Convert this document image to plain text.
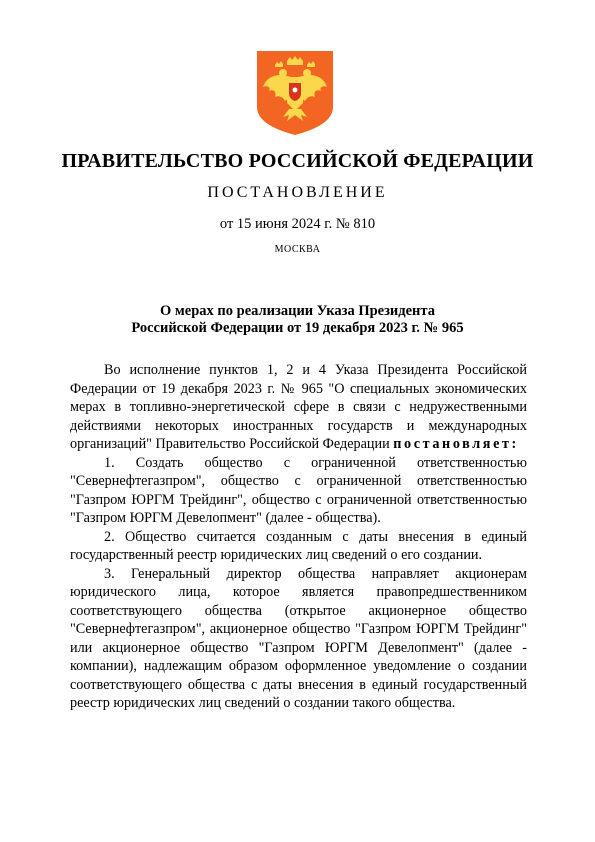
ПРАВИТЕЛЬСТВО РОССИЙСКОЙ ФЕДЕРАЦИИ
ПОСТАНОВЛЕНИЕ
от 15 июня 2024 г. № 810
МОСКВА
О мерах по реализации Указа Президента
Российской Федерации от 19 декабря 2023 г. № 965

Во исполнение пунктов 1, 2 и 4 Указа Президента Российской Федерации от 19 декабря 2023 г. № 965 "О специальных экономических мерах в топливно-энергетической сфере в связи с недружественными действиями некоторых иностранных государств и международных организаций" Правительство Российской Федерации постановляет:

1. Создать общество с ограниченной ответственностью "Севернефтегазпром", общество с ограниченной ответственностью "Газпром ЮРГМ Трейдинг", общество с ограниченной ответственностью "Газпром ЮРГМ Девелопмент" (далее - общества).

2. Общество считается созданным с даты внесения в единый государственный реестр юридических лиц сведений о его создании.

3. Генеральный директор общества направляет акционерам юридического лица, которое является правопредшественником соответствующего общества (открытое акционерное общество "Севернефтегазпром", акционерное общество "Газпром ЮРГМ Трейдинг" или акционерное общество "Газпром ЮРГМ Девелопмент" (далее - компании), надлежащим образом оформленное уведомление о создании соответствующего общества с даты внесения в единый государственный реестр юридических лиц сведений о создании такого общества.
